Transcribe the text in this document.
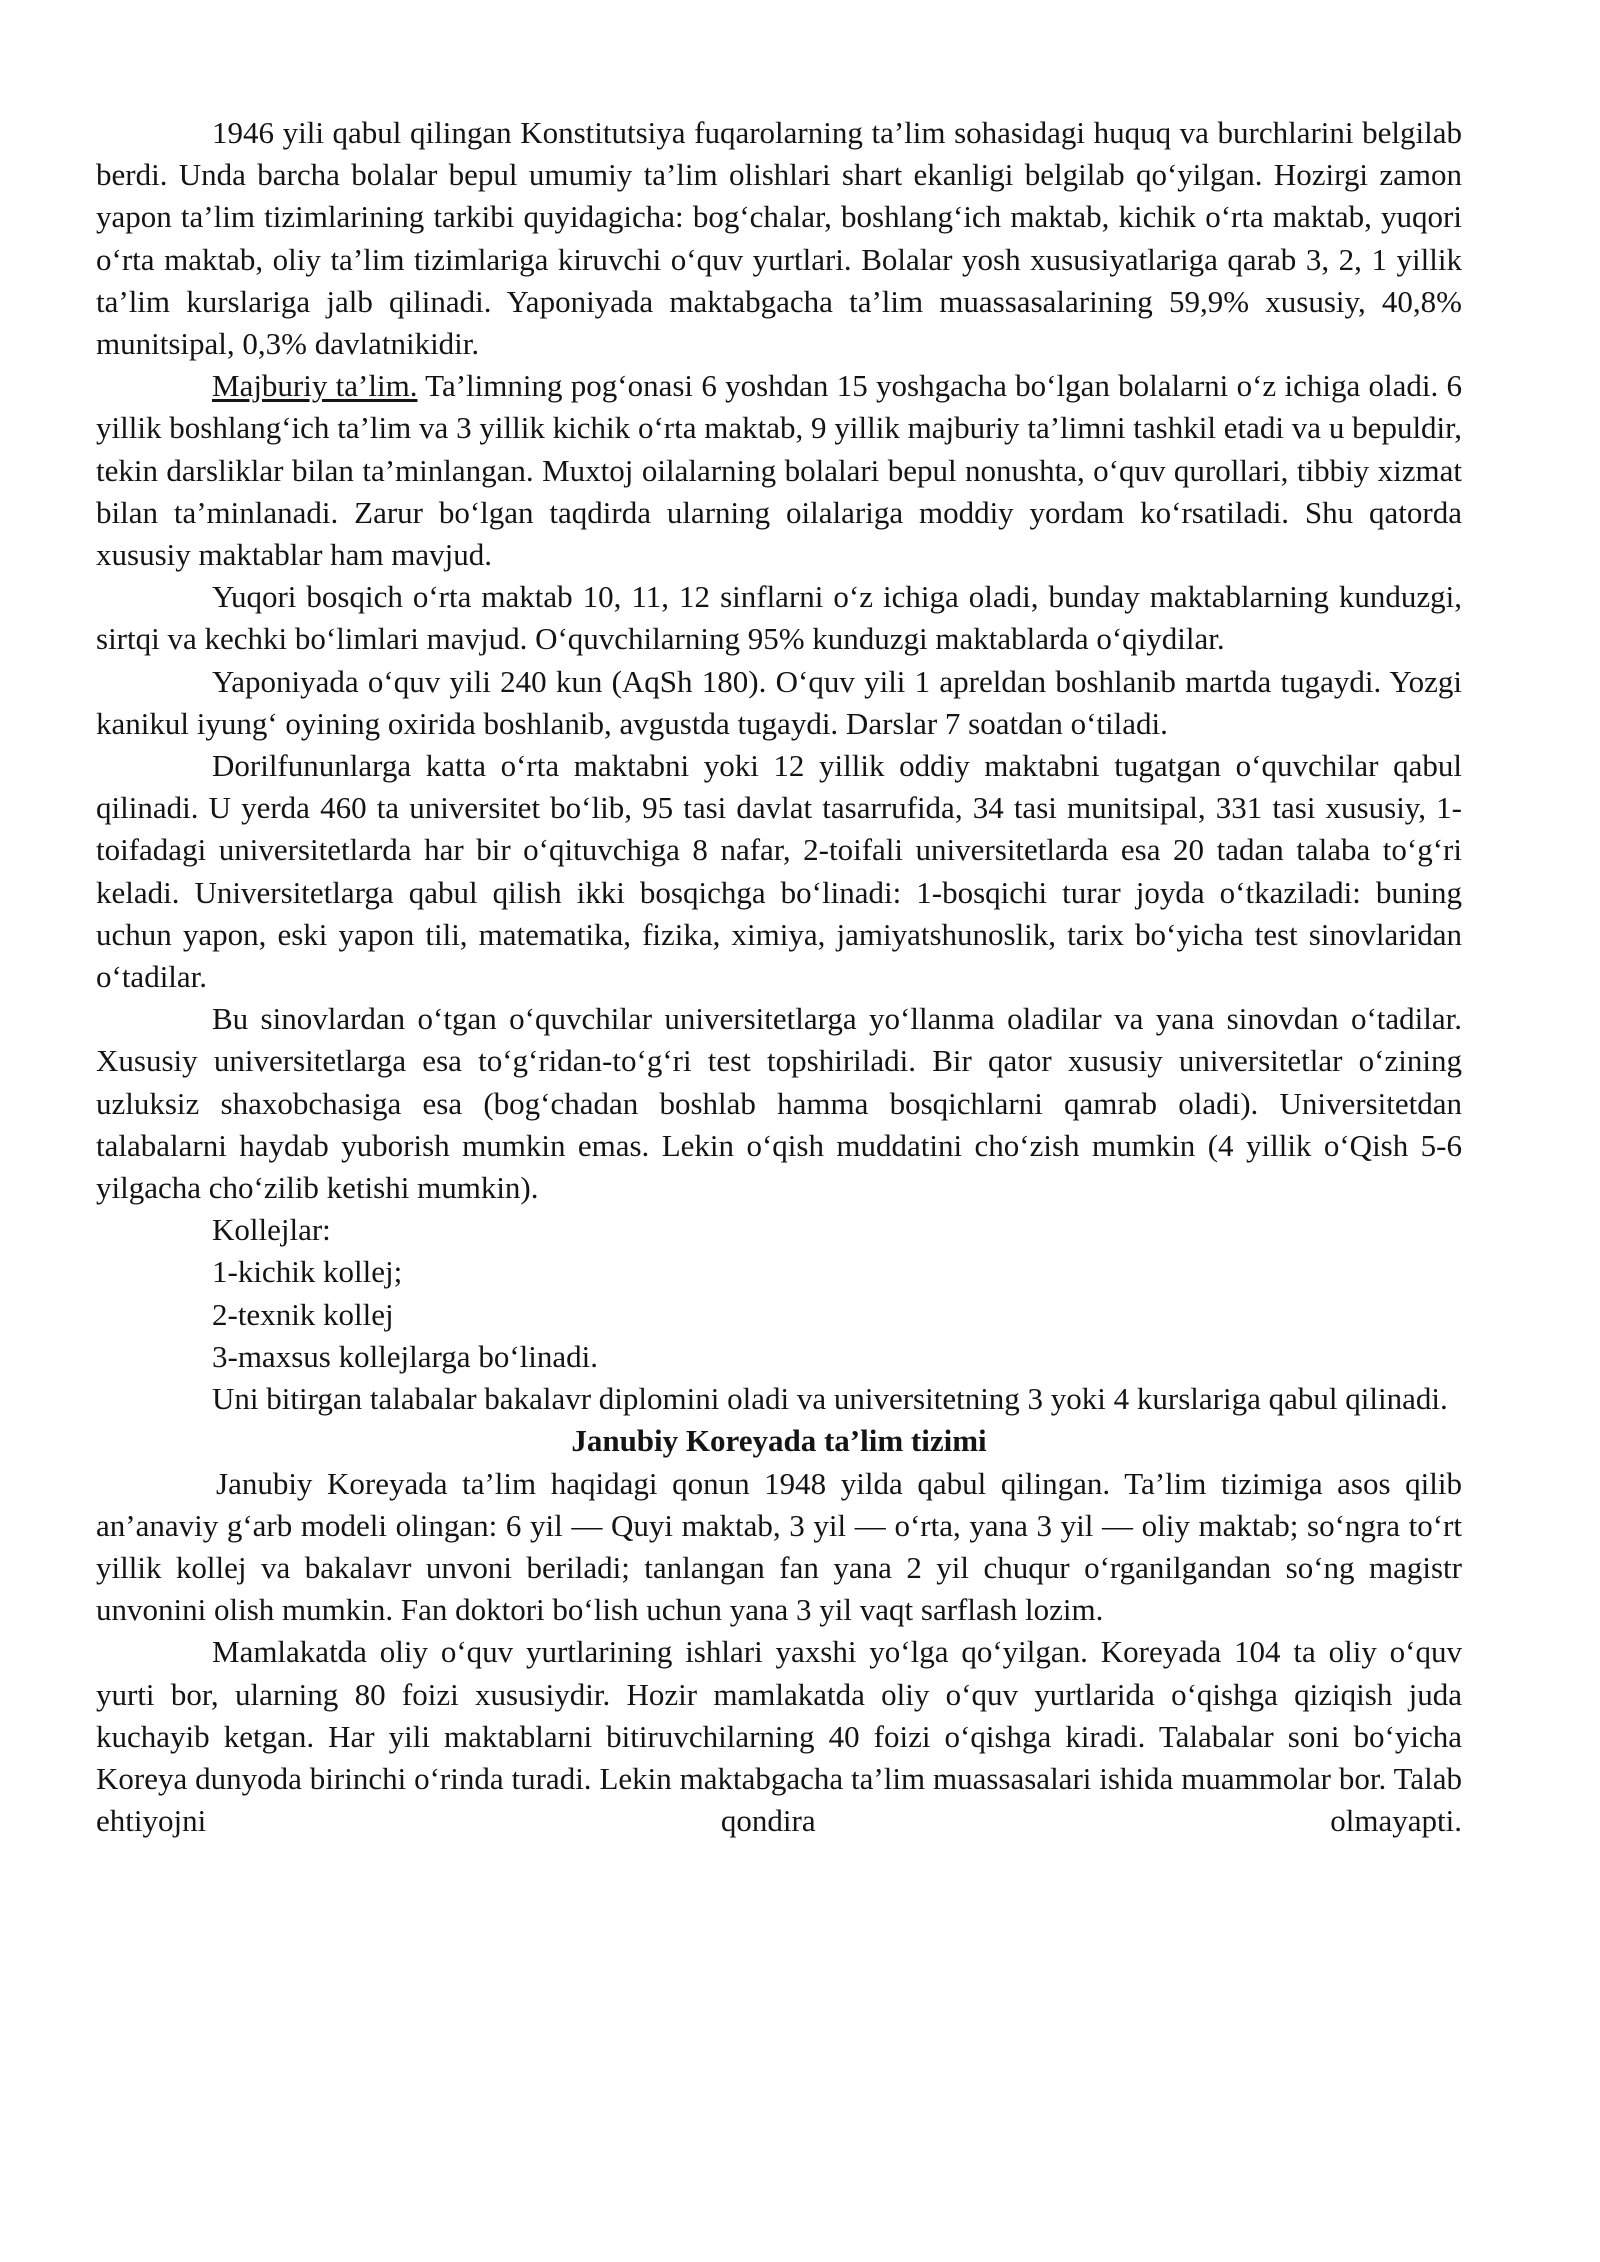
1946 yili qabul qilingan Konstitutsiya fuqarolarning ta’lim sohasidagi huquq va burchlarini belgilab berdi. Unda barcha bolalar bepul umumiy ta’lim olishlari shart ekanligi belgilab qo‘yilgan. Hozirgi zamon yapon ta’lim tizimlarining tarkibi quyidagicha: bog‘chalar, boshlang‘ich maktab, kichik o‘rta maktab, yuqori o‘rta maktab, oliy ta’lim tizimlariga kiruvchi o‘quv yurtlari. Bolalar yosh xususiyatlariga qarab 3, 2, 1 yillik ta’lim kurslariga jalb qilinadi. Yaponiyada maktabgacha ta’lim muassasalarining 59,9% xususiy, 40,8% munitsipal, 0,3% davlatnikidir.

Majburiy ta’lim. Ta’limning pog‘onasi 6 yoshdan 15 yoshgacha bo‘lgan bolalarni o‘z ichiga oladi. 6 yillik boshlang‘ich ta’lim va 3 yillik kichik o‘rta maktab, 9 yillik majburiy ta’limni tashkil etadi va u bepuldir, tekin darsliklar bilan ta’minlangan. Muxtoj oilalarning bolalari bepul nonushta, o‘quv qurollari, tibbiy xizmat bilan ta’minlanadi. Zarur bo‘lgan taqdirda ularning oilalariga moddiy yordam ko‘rsatiladi. Shu qatorda xususiy maktablar ham mavjud.

Yuqori bosqich o‘rta maktab 10, 11, 12 sinflarni o‘z ichiga oladi, bunday maktablarning kunduzgi, sirtqi va kechki bo‘limlari mavjud. O‘quvchilarning 95% kunduzgi maktablarda o‘qiydilar.

Yaponiyada o‘quv yili 240 kun (AqSh 180). O‘quv yili 1 apreldan boshlanib martda tugaydi. Yozgi kanikul iyung‘ oyining oxirida boshlanib, avgustda tugaydi. Darslar 7 soatdan o‘tiladi.

Dorilfununlarga katta o‘rta maktabni yoki 12 yillik oddiy maktabni tugatgan o‘quvchilar qabul qilinadi. U yerda 460 ta universitet bo‘lib, 95 tasi davlat tasarrufida, 34 tasi munitsipal, 331 tasi xususiy, 1-toifadagi universitetlarda har bir o‘qituvchiga 8 nafar, 2-toifali universitetlarda esa 20 tadan talaba to‘g‘ri keladi. Universitetlarga qabul qilish ikki bosqichga bo‘linadi: 1-bosqichi turar joyda o‘tkaziladi: buning uchun yapon, eski yapon tili, matematika, fizika, ximiya, jamiyatshunoslik, tarix bo‘yicha test sinovlaridan o‘tadilar.

Bu sinovlardan o‘tgan o‘quvchilar universitetlarga yo‘llanma oladilar va yana sinovdan o‘tadilar. Xususiy universitetlarga esa to‘g‘ridan-to‘g‘ri test topshiriladi. Bir qator xususiy universitetlar o‘zining uzluksiz shaxobchasiga esa (bog‘chadan boshlab hamma bosqichlarni qamrab oladi). Universitetdan talabalarni haydab yuborish mumkin emas. Lekin o‘qish muddatini cho‘zish mumkin (4 yillik o‘Qish 5-6 yilgacha cho‘zilib ketishi mumkin).

Kollejlar:

1-kichik kollej;

2-texnik kollej

3-maxsus kollejlarga bo‘linadi.

Uni bitirgan talabalar bakalavr diplomini oladi va universitetning 3 yoki 4 kurslariga qabul qilinadi.

Janubiy Koreyada ta’lim tizimi

Janubiy Koreyada ta’lim haqidagi qonun 1948 yilda qabul qilingan. Ta’lim tizimiga asos qilib an’anaviy g‘arb modeli olingan: 6 yil — Quyi maktab, 3 yil — o‘rta, yana 3 yil — oliy maktab; so‘ngra to‘rt yillik kollej va bakalavr unvoni beriladi; tanlangan fan yana 2 yil chuqur o‘rganilgandan so‘ng magistr unvonini olish mumkin. Fan doktori bo‘lish uchun yana 3 yil vaqt sarflash lozim.

Mamlakatda oliy o‘quv yurtlarining ishlari yaxshi yo‘lga qo‘yilgan. Koreyada 104 ta oliy o‘quv yurti bor, ularning 80 foizi xususiydir. Hozir mamlakatda oliy o‘quv yurtlarida o‘qishga qiziqish juda kuchayib ketgan. Har yili maktablarni bitiruvchilarning 40 foizi o‘qishga kiradi. Talabalar soni bo‘yicha Koreya dunyoda birinchi o‘rinda turadi. Lekin maktabgacha ta’lim muassasalari ishida muammolar bor. Talab ehtiyojni qondira olmayapti.
